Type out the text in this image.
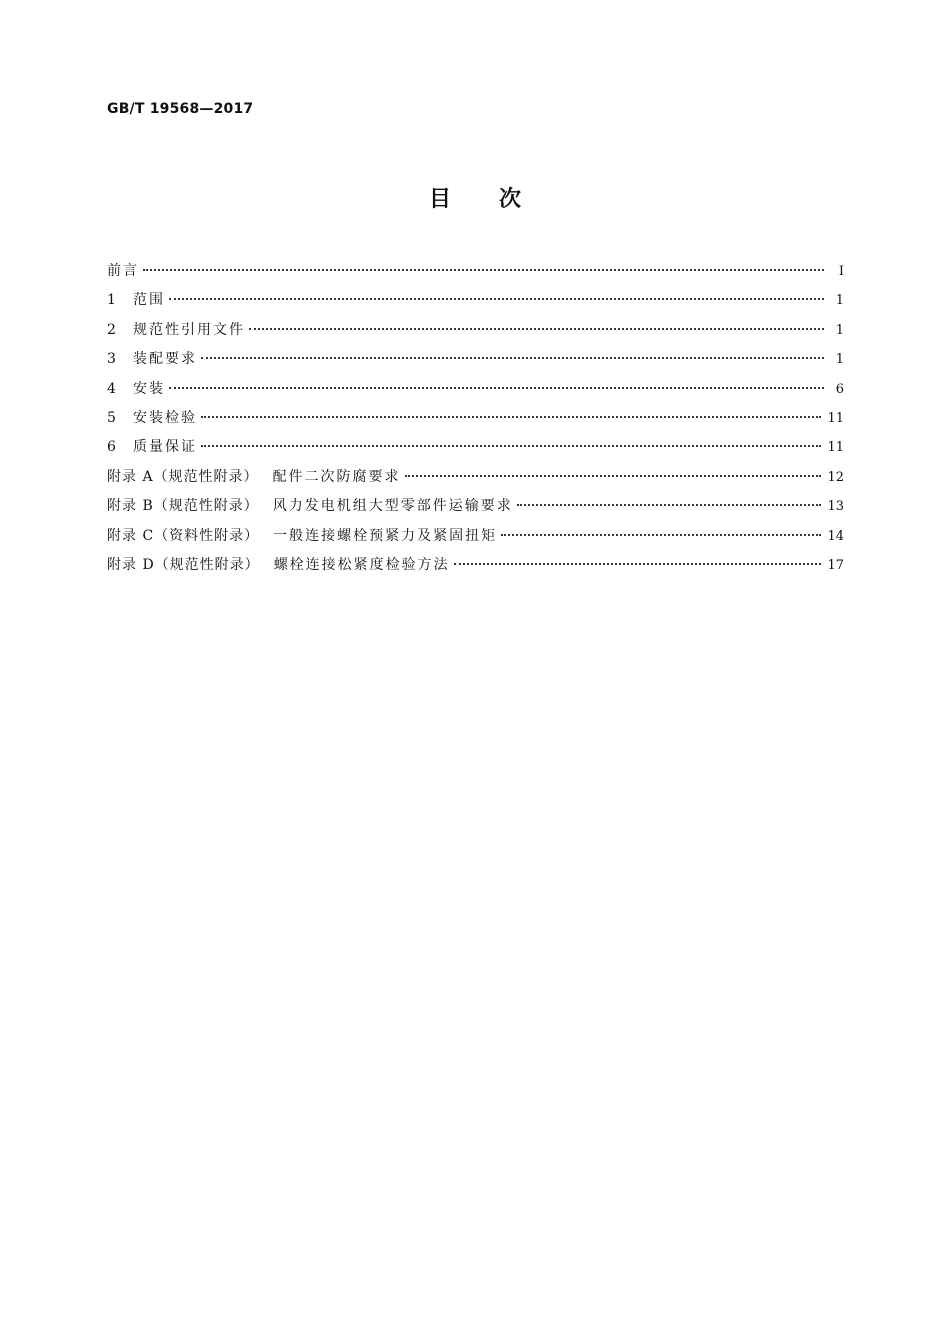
GB/T 19568—2017
目次
前言	Ⅰ
1	范围	1
2	规范性引用文件	1
3	装配要求	1
4	安装	6
5	安装检验	11
6	质量保证	11
附录 A（规范性附录） 配件二次防腐要求	12
附录 B（规范性附录） 风力发电机组大型零部件运输要求	13
附录 C（资料性附录） 一般连接螺栓预紧力及紧固扭矩	14
附录 D（规范性附录） 螺栓连接松紧度检验方法	17
